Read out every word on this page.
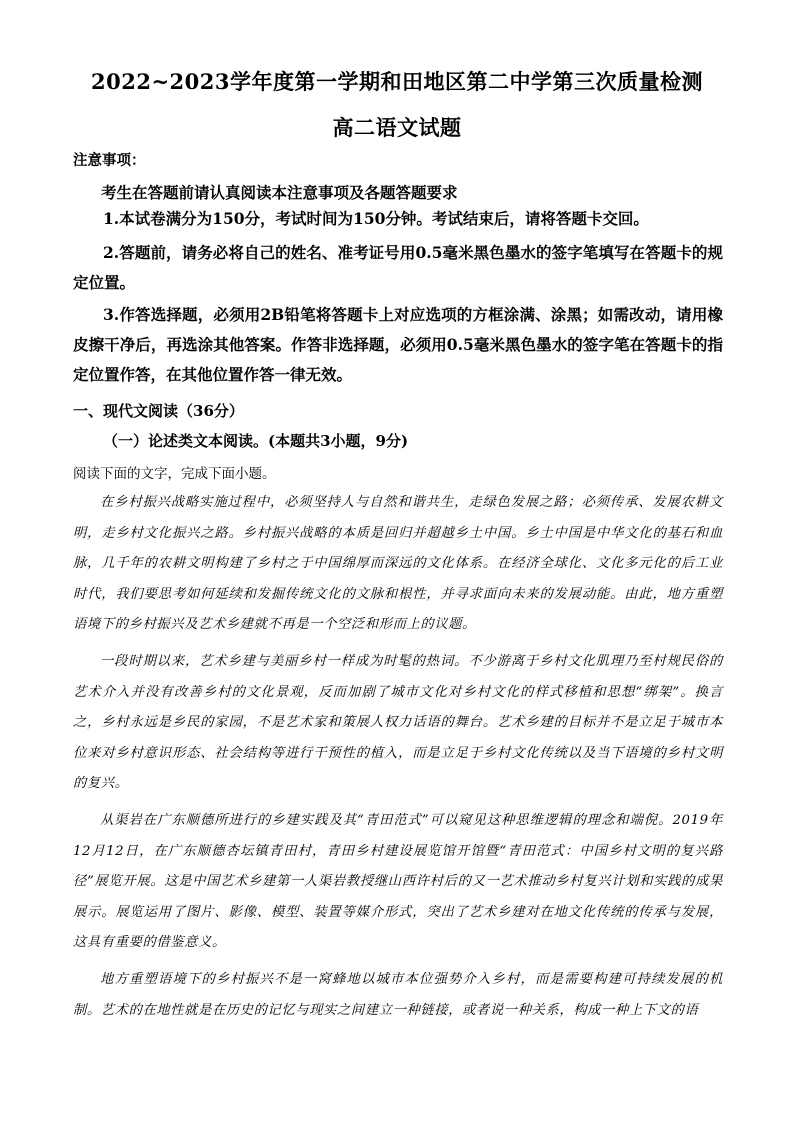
2022~2023学年度第一学期和田地区第二中学第三次质量检测
高二语文试题
注意事项：
考生在答题前请认真阅读本注意事项及各题答题要求

1.本试卷满分为150分，考试时间为150分钟。考试结束后，请将答题卡交回。

2.答题前，请务必将自己的姓名、准考证号用0.5毫米黑色墨水的签字笔填写在答题卡的规定位置。

3.作答选择题，必须用2B铅笔将答题卡上对应选项的方框涂满、涂黑；如需改动，请用橡皮擦干净后，再选涂其他答案。作答非选择题，必须用0.5毫米黑色墨水的签字笔在答题卡的指定位置作答，在其他位置作答一律无效。

一、现代文阅读（36分）
（一）论述类文本阅读。(本题共3小题，9分)
阅读下面的文字，完成下面小题。

在乡村振兴战略实施过程中，必须坚持人与自然和谐共生，走绿色发展之路；必须传承、发展农耕文明，走乡村文化振兴之路。乡村振兴战略的本质是回归并超越乡土中国。乡土中国是中华文化的基石和血脉，几千年的农耕文明构建了乡村之于中国绵厚而深远的文化体系。在经济全球化、文化多元化的后工业时代，我们要思考如何延续和发掘传统文化的文脉和根性，并寻求面向未来的发展动能。由此，地方重塑语境下的乡村振兴及艺术乡建就不再是一个空泛和形而上的议题。

一段时期以来，艺术乡建与美丽乡村一样成为时髦的热词。不少游离于乡村文化肌理乃至村规民俗的艺术介入并没有改善乡村的文化景观，反而加剧了城市文化对乡村文化的样式移植和思想“绑架”。换言之，乡村永远是乡民的家园，不是艺术家和策展人权力话语的舞台。艺术乡建的目标并不是立足于城市本位来对乡村意识形态、社会结构等进行干预性的植入，而是立足于乡村文化传统以及当下语境的乡村文明的复兴。

从渠岩在广东顺德所进行的乡建实践及其“青田范式”可以窥见这种思维逻辑的理念和端倪。2019年12月12日，在广东顺德杏坛镇青田村，青田乡村建设展览馆开馆暨“青田范式：中国乡村文明的复兴路径”展览开展。这是中国艺术乡建第一人渠岩教授继山西许村后的又一艺术推动乡村复兴计划和实践的成果展示。展览运用了图片、影像、模型、装置等媒介形式，突出了艺术乡建对在地文化传统的传承与发展，这具有重要的借鉴意义。

地方重塑语境下的乡村振兴不是一窝蜂地以城市本位强势介入乡村，而是需要构建可持续发展的机制。艺术的在地性就是在历史的记忆与现实之间建立一种链接，或者说一种关系，构成一种上下文的语
